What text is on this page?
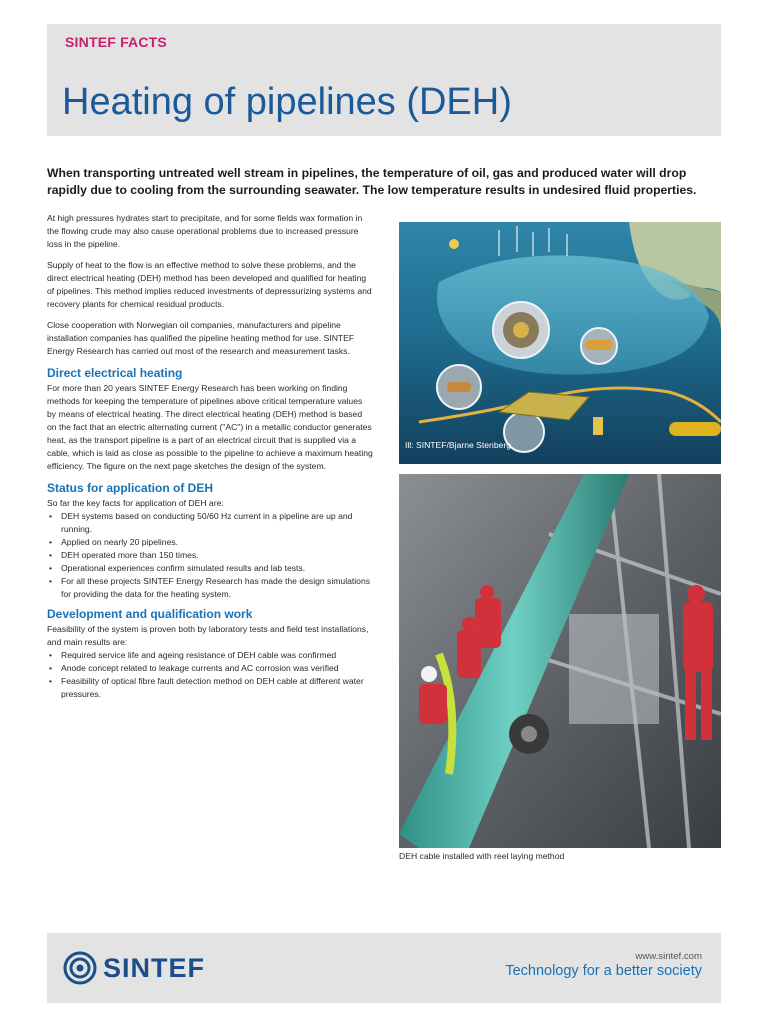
SINTEF FACTS
Heating of pipelines (DEH)

When transporting untreated well stream in pipelines, the temperature of oil, gas and produced water will drop rapidly due to cooling from the surrounding seawater. The low temperature results in undesired fluid properties.

At high pressures hydrates start to precipitate, and for some fields wax formation in the flowing crude may also cause operational problems due to increased pressure loss in the pipeline.

Supply of heat to the flow is an effective method to solve these problems, and the direct electrical heating (DEH) method has been developed and qualified for heating of pipelines. This method implies reduced investments of depressurizing systems and recovery plants for chemical residual products.

Close cooperation with Norwegian oil companies, manufacturers and pipeline installation companies has qualified the pipeline heating method for use. SINTEF Energy Research has carried out most of the research and measurement tasks.

Direct electrical heating

For more than 20 years SINTEF Energy Research has been working on finding methods for keeping the temperature of pipelines above critical temperature values by means of electrical heating. The direct electrical heating (DEH) method is based on the fact that an electric alternating current ("AC") in a metallic conductor generates heat, as the transport pipeline is a part of an electrical circuit that is supplied via a cable, which is laid as close as possible to the pipeline to achieve a maximum heating efficiency. The figure on the next page sketches the design of the system.

Status for application of DEH
So far the key facts for application of DEH are:
• DEH systems based on conducting 50/60 Hz current in a pipeline are up and running.
• Applied on nearly 20 pipelines.
• DEH operated more than 150 times.
• Operational experiences confirm simulated results and lab tests.
• For all these projects SINTEF Energy Research has made the design simulations for providing the data for the heating system.
Development and qualification work
Feasibility of the system is proven both by laboratory tests and field test installations, and main results are:
• Required service life and ageing resistance of DEH cable was confirmed
• Anode concept related to leakage currents and AC corrosion was verified
• Feasibility of optical fibre fault detection method on DEH cable at different water pressures.
Ill: SINTEF/Bjarne Stenberg
DEH cable installed with reel laying method
SINTEF	www.sintef.com
Technology for a better society
